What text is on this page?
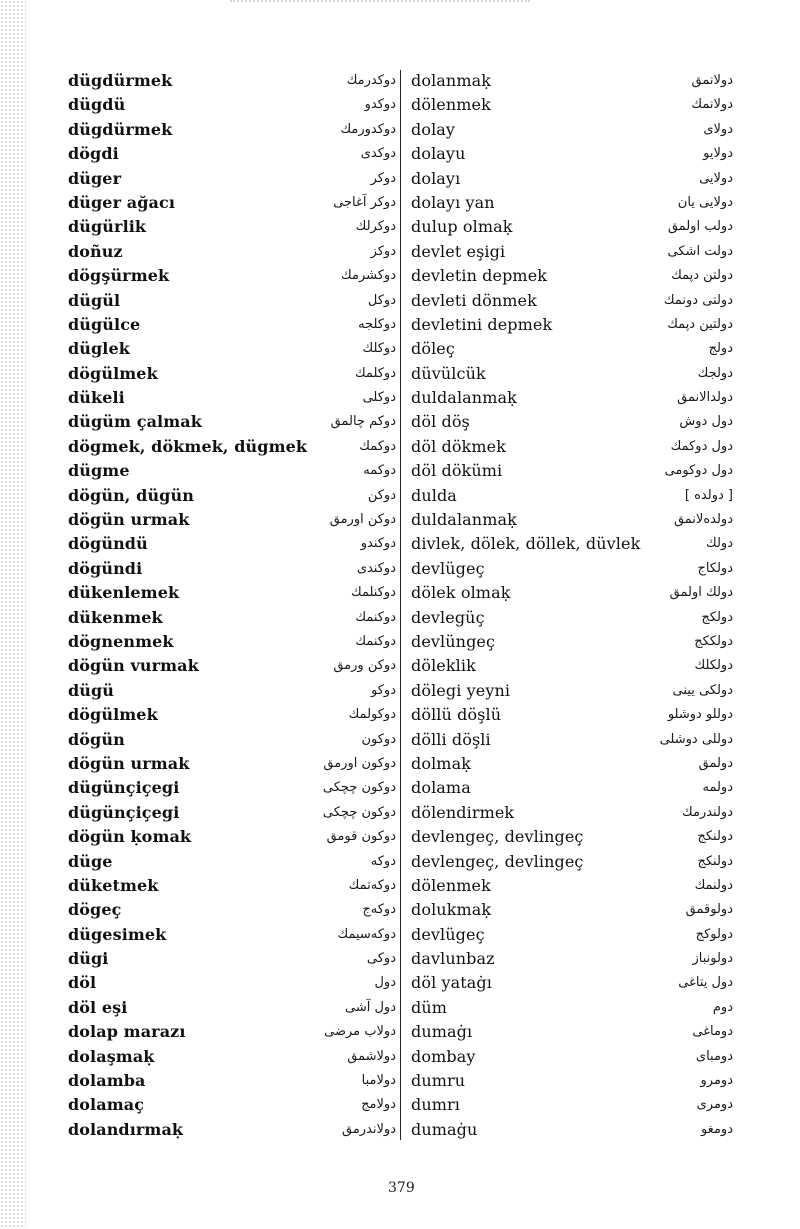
dügdürmek	دوكدرمك
dügdü	دوكدو
dügdürmek	دوكدورمك
dögdi	دوكدى
düger	دوكر
düger ağacı	دوكر آغاجى
dügürlik	دوكرلك
doñuz	دوكز
dögşürmek	دوكشرمك
dügül	دوكل
dügülce	دوكلجه
düglek	دوكلك
dögülmek	دوكلمك
dükeli	دوكلى
dügüm çalmak	دوكم چالمق
dögmek, dökmek, dügmek	دوكمك
dügme	دوكمه
dögün, dügün	دوكن
dögün urmak	دوكن اورمق
dögündü	دوكندو
dögündi	دوكندى
dükenlemek	دوكنلمك
dükenmek	دوكنمك
dögnenmek	دوكنمك
dögün vurmak	دوكن ورمق
dügü	دوكو
dögülmek	دوكولمك
dögün	دوكون
dögün urmak	دوكون اورمق
dügünçiçegi	دوكون چچكى
dügünçiçegi	دوكون چچكى
dögün ḳomak	دوكون قومق
düge	دوكه
düketmek	دوكه‌تمك
dögeç	دوكه‌ج
dügesimek	دوكه‌سيمك
dügi	دوكى
döl	دول
döl eşi	دول آشى
dolap marazı	دولاب مرضى
dolaşmaḳ	دولاشمق
dolamba	دولامبا
dolamaç	دولامج
dolandırmaḳ	دولاندرمق
dolanmaḳ	دولانمق
dölenmek	دولانمك
dolay	دولاى
dolayu	دولايو
dolayı	دولايى
dolayı yan	دولايى يان
dulup olmaḳ	دولب اولمق
devlet eşigi	دولت اشكى
devletin depmek	دولتن دپمك
devleti dönmek	دولتى دونمك
devletini depmek	دولتين دپمك
döleç	دولج
düvülcük	دولجك
duldalanmaḳ	دولدالانمق
döl döş	دول دوش
döl dökmek	دول دوكمك
döl dökümi	دول دوكومى
dulda	[ دولده ]
duldalanmaḳ	دولده‌لانمق
divlek, dölek, döllek, düvlek	دولك
devlügeç	دولكاج
dölek olmaḳ	دولك اولمق
devlegüç	دولكج
devlüngeç	دولككج
döleklik	دولكلك
dölegi yeyni	دولكى يينى
döllü döşlü	دوللو دوشلو
dölli döşli	دوللى دوشلى
dolmaḳ	دولمق
dolama	دولمه
dölendirmek	دولندرمك
devlengeç, devlingeç	دولنكج
devlengeç, devlingeç	دولنكج
dölenmek	دولنمك
dolukmaḳ	دولوقمق
devlügeç	دولوكج
davlunbaz	دولونباز
döl yataġı	دول يتاغى
düm	دوم
dumaġı	دوماغى
dombay	دومباى
dumru	دومرو
dumrı	دومرى
dumaġu	دومغو
379
